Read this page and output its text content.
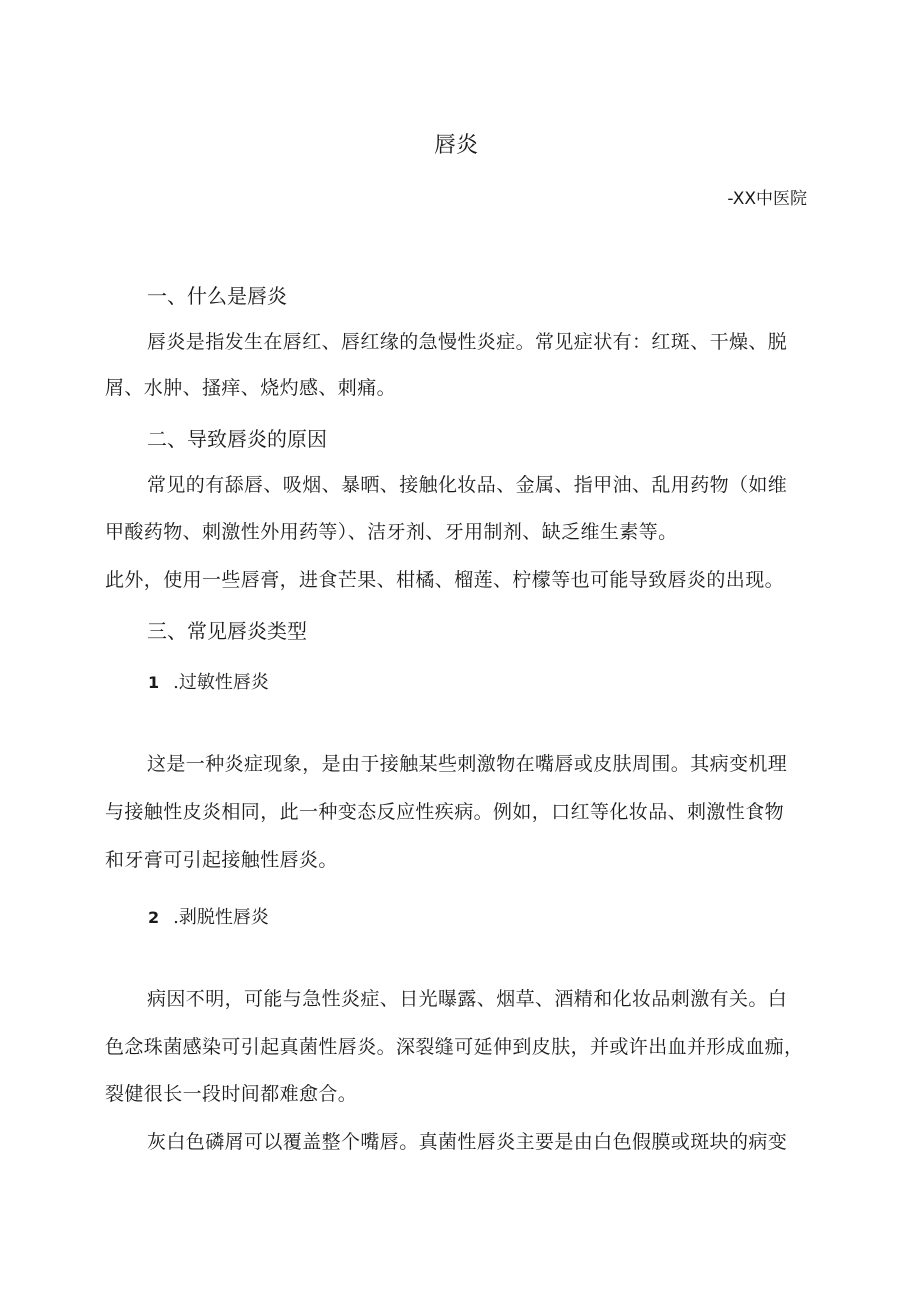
唇炎
-XX中医院
一、什么是唇炎
唇炎是指发生在唇红、唇红缘的急慢性炎症。常见症状有：红斑、干燥、脱
屑、水肿、搔痒、烧灼感、刺痛。
二、导致唇炎的原因
常见的有舔唇、吸烟、暴晒、接触化妆品、金属、指甲油、乱用药物（如维
甲酸药物、刺激性外用药等）、洁牙剂、牙用制剂、缺乏维生素等。
此外，使用一些唇膏，进食芒果、柑橘、榴莲、柠檬等也可能导致唇炎的出现。
三、常见唇炎类型
1 .过敏性唇炎
这是一种炎症现象，是由于接触某些刺激物在嘴唇或皮肤周围。其病变机理
与接触性皮炎相同，此一种变态反应性疾病。例如，口红等化妆品、刺激性食物
和牙膏可引起接触性唇炎。
2 .剥脱性唇炎
病因不明，可能与急性炎症、日光曝露、烟草、酒精和化妆品刺激有关。白
色念珠菌感染可引起真菌性唇炎。深裂缝可延伸到皮肤，并或许出血并形成血痂，
裂健很长一段时间都难愈合。
灰白色磷屑可以覆盖整个嘴唇。真菌性唇炎主要是由白色假膜或斑块的病变
